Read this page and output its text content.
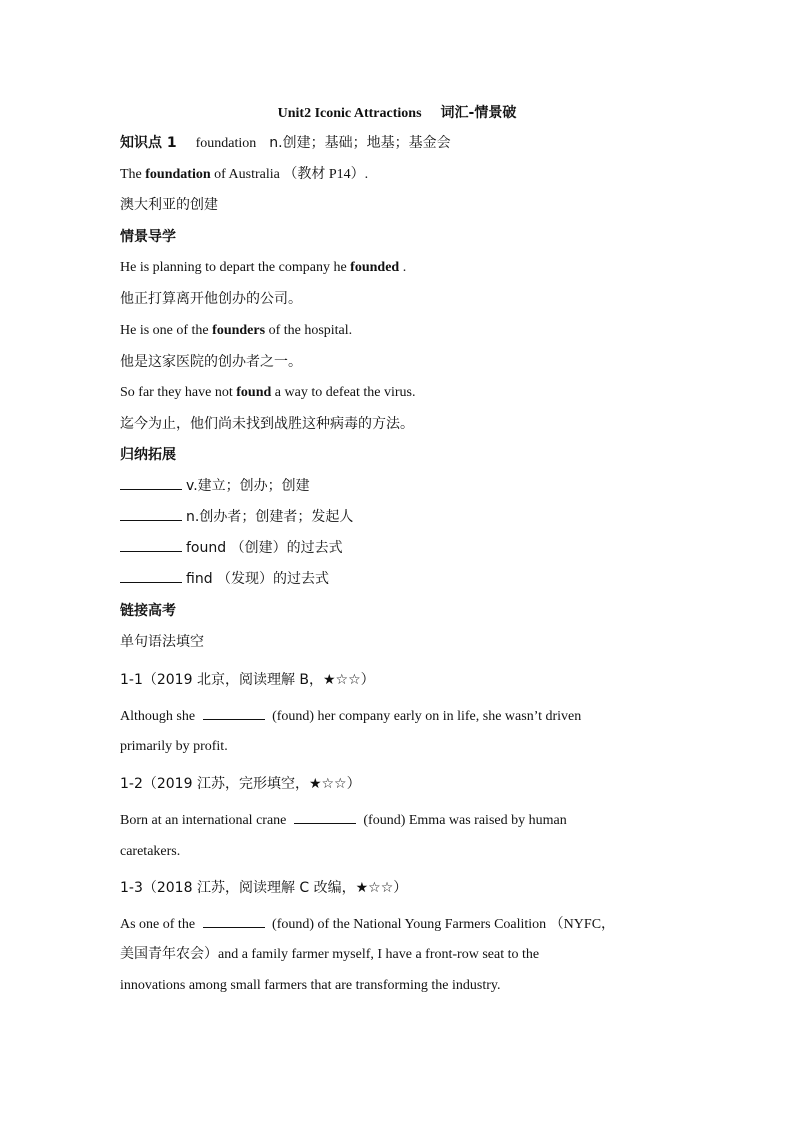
Unit2 Iconic Attractions 词汇-情景破
知识点 1 foundation n.创建；基础；地基；基金会
The foundation of Australia （教材 P14）.
澳大利亚的创建
情景导学
He is planning to depart the company he founded .
他正打算离开他创办的公司。
He is one of the founders of the hospital.
他是这家医院的创办者之一。
So far they have not found a way to defeat the virus.
迄今为止，他们尚未找到战胜这种病毒的方法。
归纳拓展
v.建立；创办；创建
n.创办者；创建者；发起人
found （创建）的过去式
find （发现）的过去式
链接高考
单句语法填空
1-1（2019 北京，阅读理解 B，★☆☆）
Although she	(found) her company early on in life, she wasn’t driven
primarily by profit.
1-2（2019 江苏，完形填空，★☆☆）
Born at an international crane	(found) Emma was raised by human
caretakers.
1-3（2018 江苏，阅读理解 C 改编，★☆☆）
As one of the	(found) of the National Young Farmers Coalition （NYFC，
美国青年农会）and a family farmer myself, I have a front-row seat to the
innovations among small farmers that are transforming the industry.
